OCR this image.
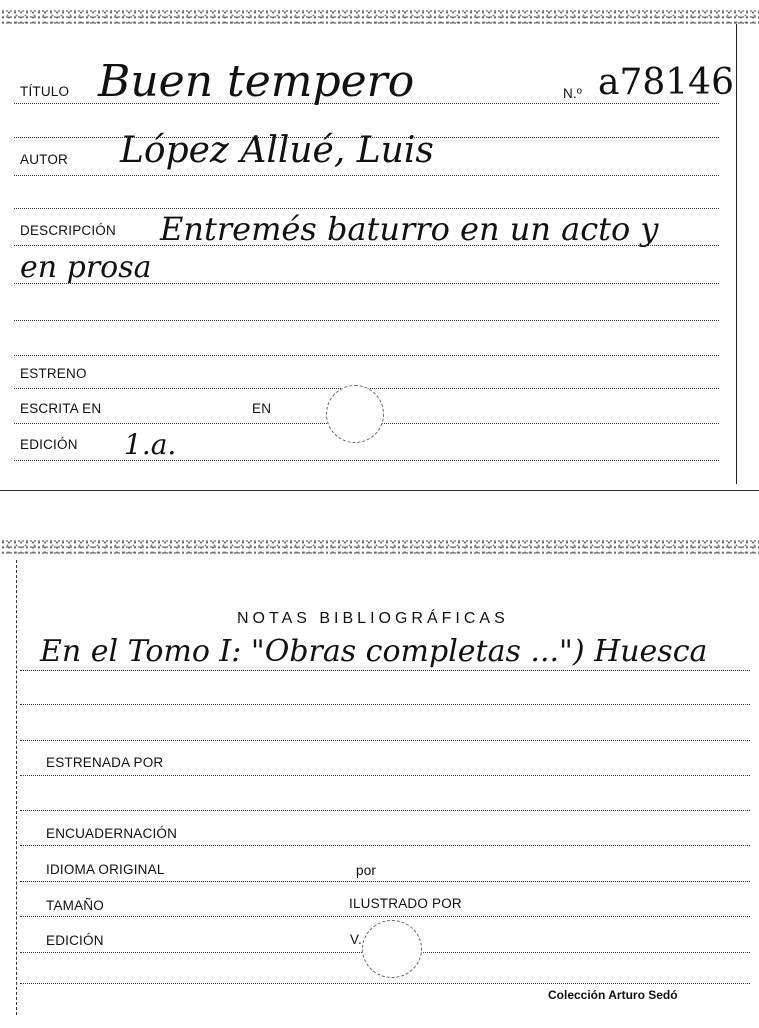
TÍTULO Buen tempero	N.º a78146
AUTOR López Allué, Luis
DESCRIPCIÓN Entremés baturro en un acto y
en prosa
ESTRENO
ESCRITA EN	EN
EDICIÓN 1.a.
NOTAS BIBLIOGRÁFICAS
En el Tomo I: "Obras completas ...") Huesca
ESTRENADA POR
ENCUADERNACIÓN
IDIOMA ORIGINAL	por
TAMAÑO	ILUSTRADO POR
EDICIÓN	V.
Colección Arturo Sedó
